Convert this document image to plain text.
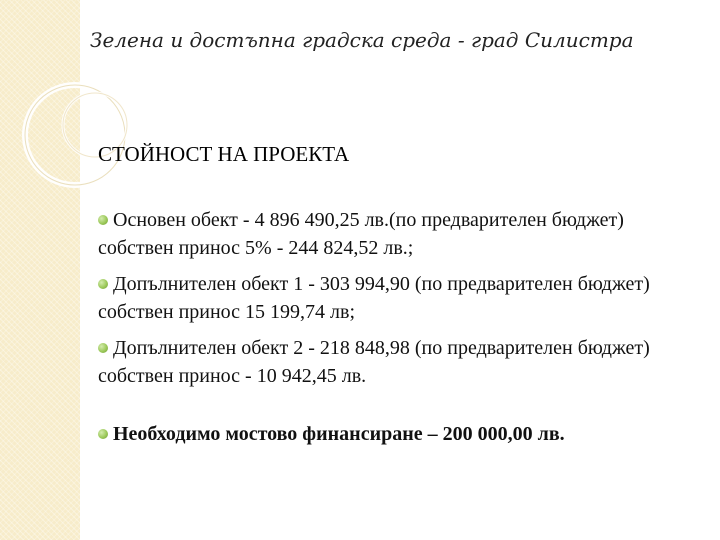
Зелена и достъпна градска среда - град Силистра
СТОЙНОСТ НА ПРОЕКТА
Основен обект - 4 896 490,25 лв.(по предварителен бюджет) собствен принос 5% - 244 824,52 лв.;
Допълнителен обект 1 - 303 994,90 (по предварителен бюджет) собствен принос 15 199,74 лв;
Допълнителен обект 2 - 218 848,98 (по предварителен бюджет) собствен принос - 10 942,45 лв.
Необходимо мостово финансиране – 200 000,00 лв.
